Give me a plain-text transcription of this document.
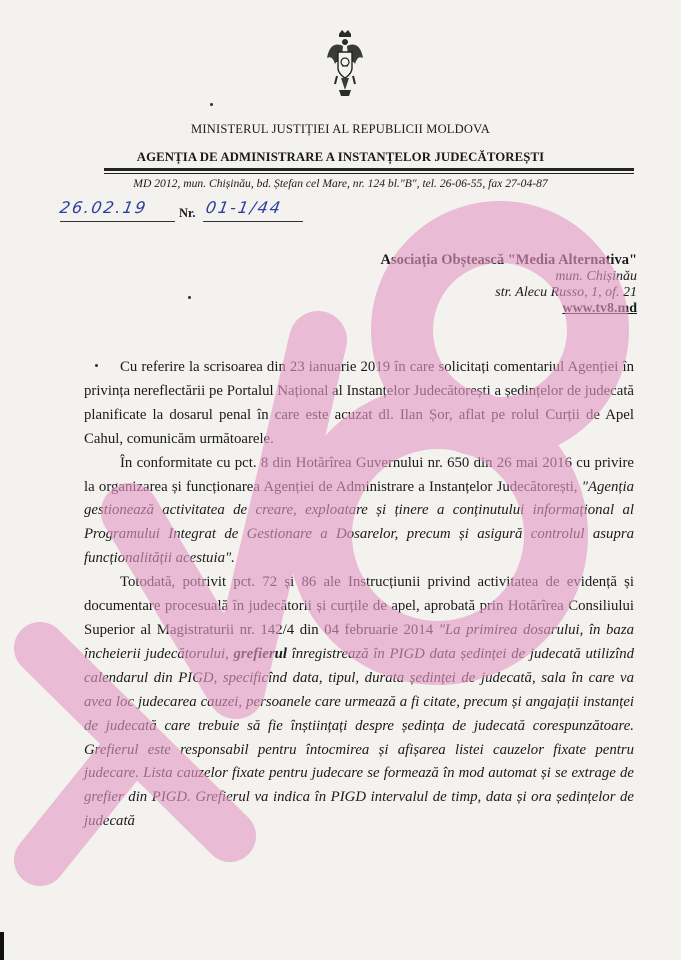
MINISTERUL JUSTIȚIEI AL REPUBLICII MOLDOVA
AGENȚIA DE ADMINISTRARE A INSTANȚELOR JUDECĂTOREȘTI
MD 2012, mun. Chișinău, bd. Ștefan cel Mare, nr. 124 bl."B", tel. 26-06-55, fax 27-04-87
26.02.19	Nr. 01-1/44
Asociația Obștească "Media Alternativa"
mun. Chișinău
str. Alecu Russo, 1, of. 21
www.tv8.md

Cu referire la scrisoarea din 23 ianuarie 2019 în care solicitați comentariul Agenției în privința nereflectării pe Portalul Național al Instanțelor Judecătorești a ședințelor de judecată planificate la dosarul penal în care este acuzat dl. Ilan Șor, aflat pe rolul Curții de Apel Cahul, comunicăm următoarele.

În conformitate cu pct. 8 din Hotărîrea Guvernului nr. 650 din 26 mai 2016 cu privire la organizarea și funcționarea Agenției de Administrare a Instanțelor Judecătorești, "Agenția gestionează activitatea de creare, exploatare și ținere a conținutului informațional al Programului Integrat de Gestionare a Dosarelor, precum și asigură controlul asupra funcționalității acestuia".

Totodată, potrivit pct. 72 și 86 ale Instrucțiunii privind activitatea de evidență și documentare procesuală în judecătorii și curțile de apel, aprobată prin Hotărîrea Consiliului Superior al Magistraturii nr. 142/4 din 04 februarie 2014 "La primirea dosarului, în baza încheierii judecătorului, grefierul înregistrează în PIGD data ședinței de judecată utilizînd calendarul din PIGD, specificînd data, tipul, durata ședinței de judecată, sala în care va avea loc judecarea cauzei, persoanele care urmează a fi citate, precum și angajații instanței de judecată care trebuie să fie înștiințați despre ședința de judecată corespunzătoare. Grefierul este responsabil pentru întocmirea și afișarea listei cauzelor fixate pentru judecare. Lista cauzelor fixate pentru judecare se formează în mod automat și se extrage de grefier din PIGD. Grefierul va indica în PIGD intervalul de timp, data și ora ședințelor de judecată
